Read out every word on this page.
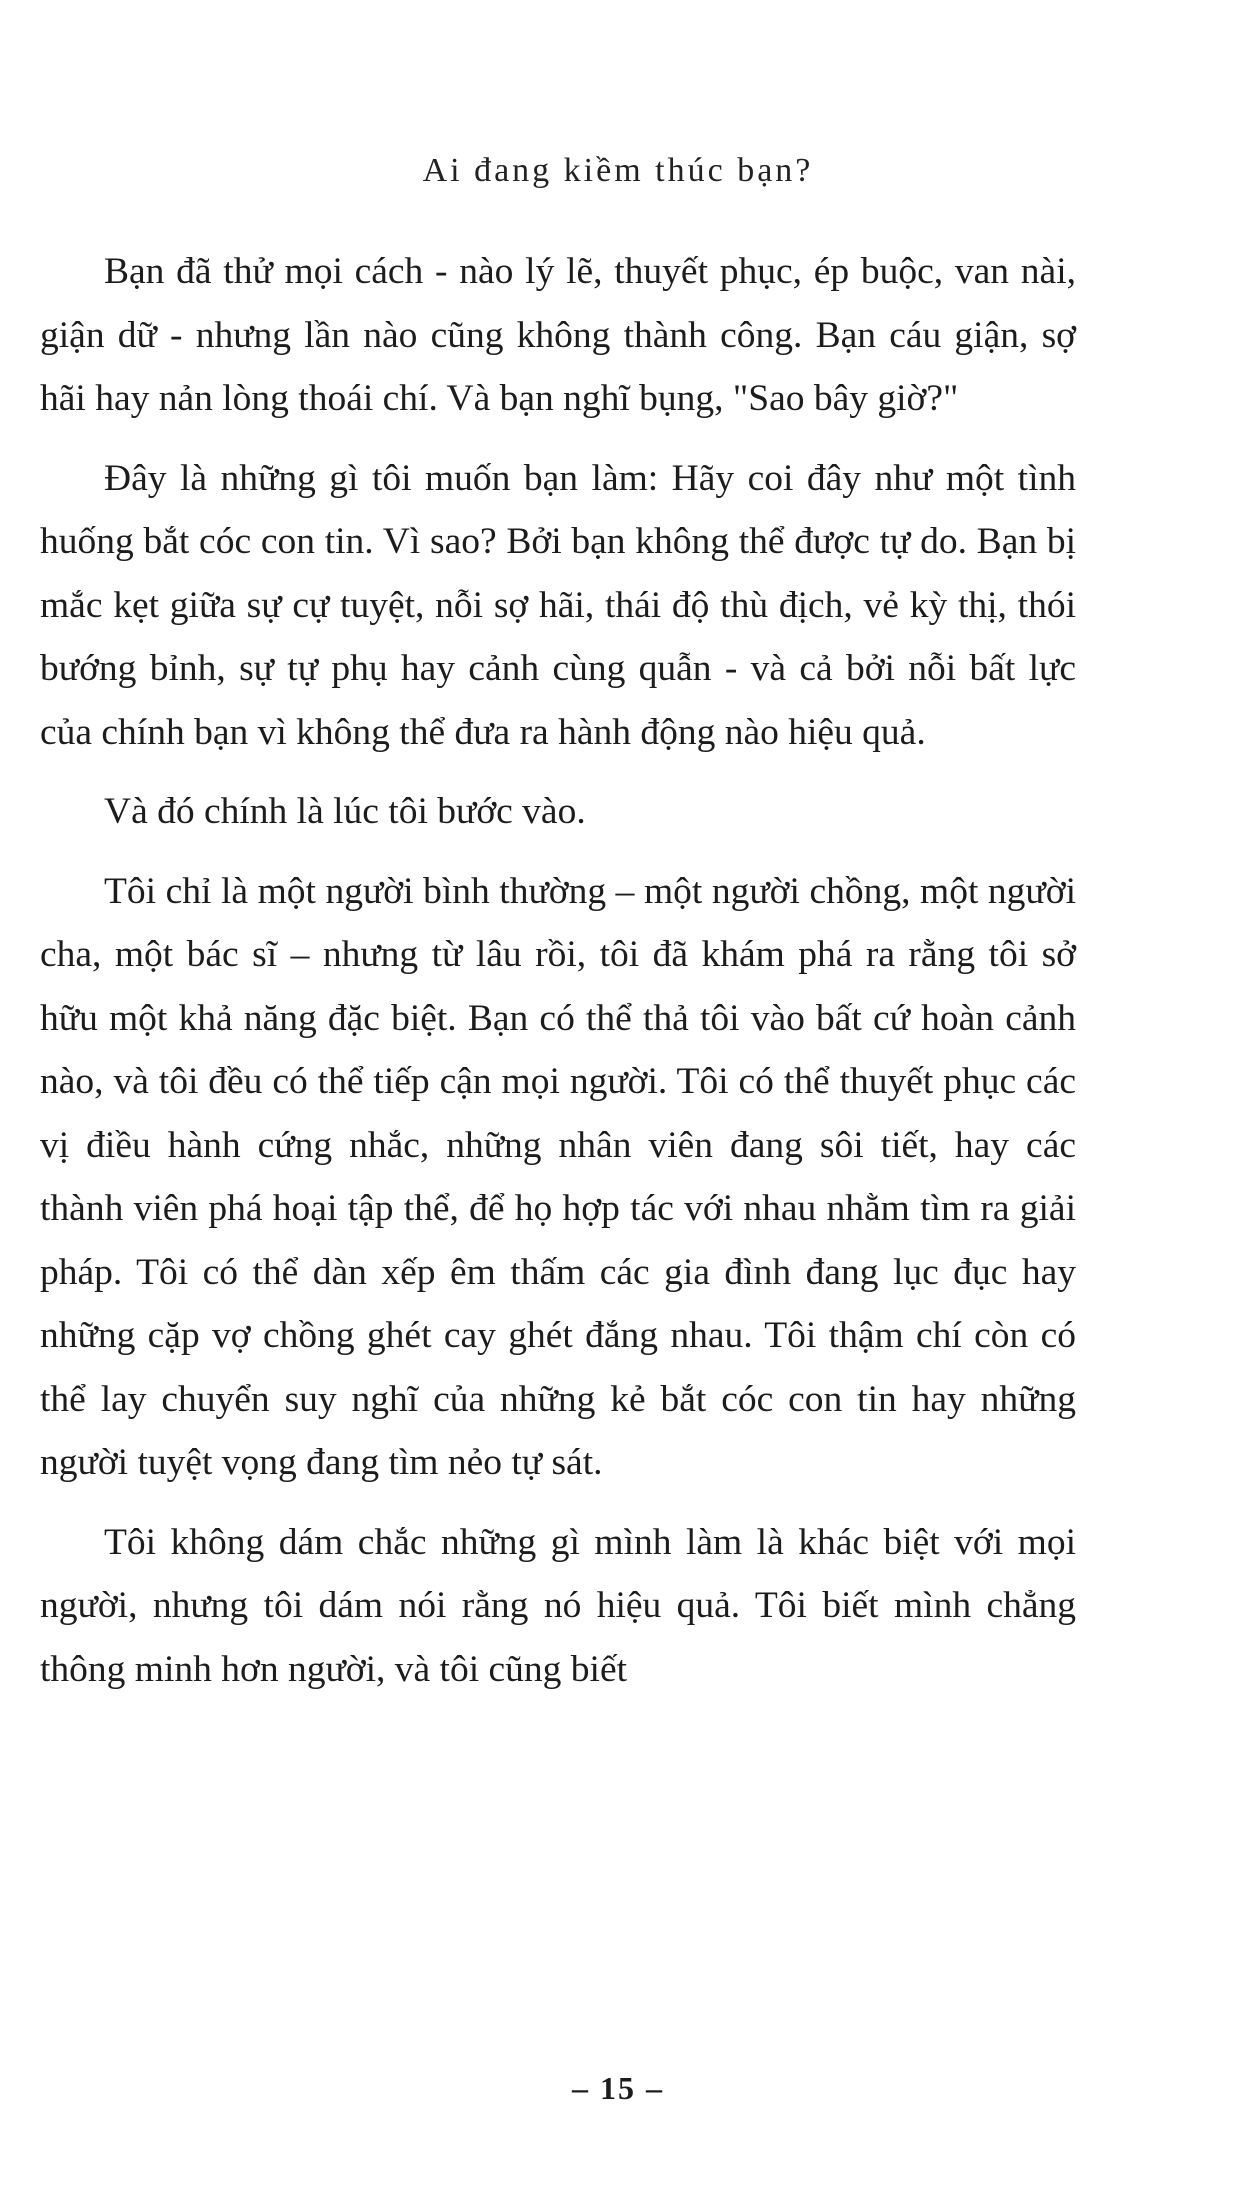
Ai đang kiềm thúc bạn?

Bạn đã thử mọi cách - nào lý lẽ, thuyết phục, ép buộc, van nài, giận dữ - nhưng lần nào cũng không thành công. Bạn cáu giận, sợ hãi hay nản lòng thoái chí. Và bạn nghĩ bụng, "Sao bây giờ?"

Đây là những gì tôi muốn bạn làm: Hãy coi đây như một tình huống bắt cóc con tin. Vì sao? Bởi bạn không thể được tự do. Bạn bị mắc kẹt giữa sự cự tuyệt, nỗi sợ hãi, thái độ thù địch, vẻ kỳ thị, thói bướng bỉnh, sự tự phụ hay cảnh cùng quẫn - và cả bởi nỗi bất lực của chính bạn vì không thể đưa ra hành động nào hiệu quả.

Và đó chính là lúc tôi bước vào.

Tôi chỉ là một người bình thường – một người chồng, một người cha, một bác sĩ – nhưng từ lâu rồi, tôi đã khám phá ra rằng tôi sở hữu một khả năng đặc biệt. Bạn có thể thả tôi vào bất cứ hoàn cảnh nào, và tôi đều có thể tiếp cận mọi người. Tôi có thể thuyết phục các vị điều hành cứng nhắc, những nhân viên đang sôi tiết, hay các thành viên phá hoại tập thể, để họ hợp tác với nhau nhằm tìm ra giải pháp. Tôi có thể dàn xếp êm thấm các gia đình đang lục đục hay những cặp vợ chồng ghét cay ghét đắng nhau. Tôi thậm chí còn có thể lay chuyển suy nghĩ của những kẻ bắt cóc con tin hay những người tuyệt vọng đang tìm nẻo tự sát.

Tôi không dám chắc những gì mình làm là khác biệt với mọi người, nhưng tôi dám nói rằng nó hiệu quả. Tôi biết mình chẳng thông minh hơn người, và tôi cũng biết

– 15 –
